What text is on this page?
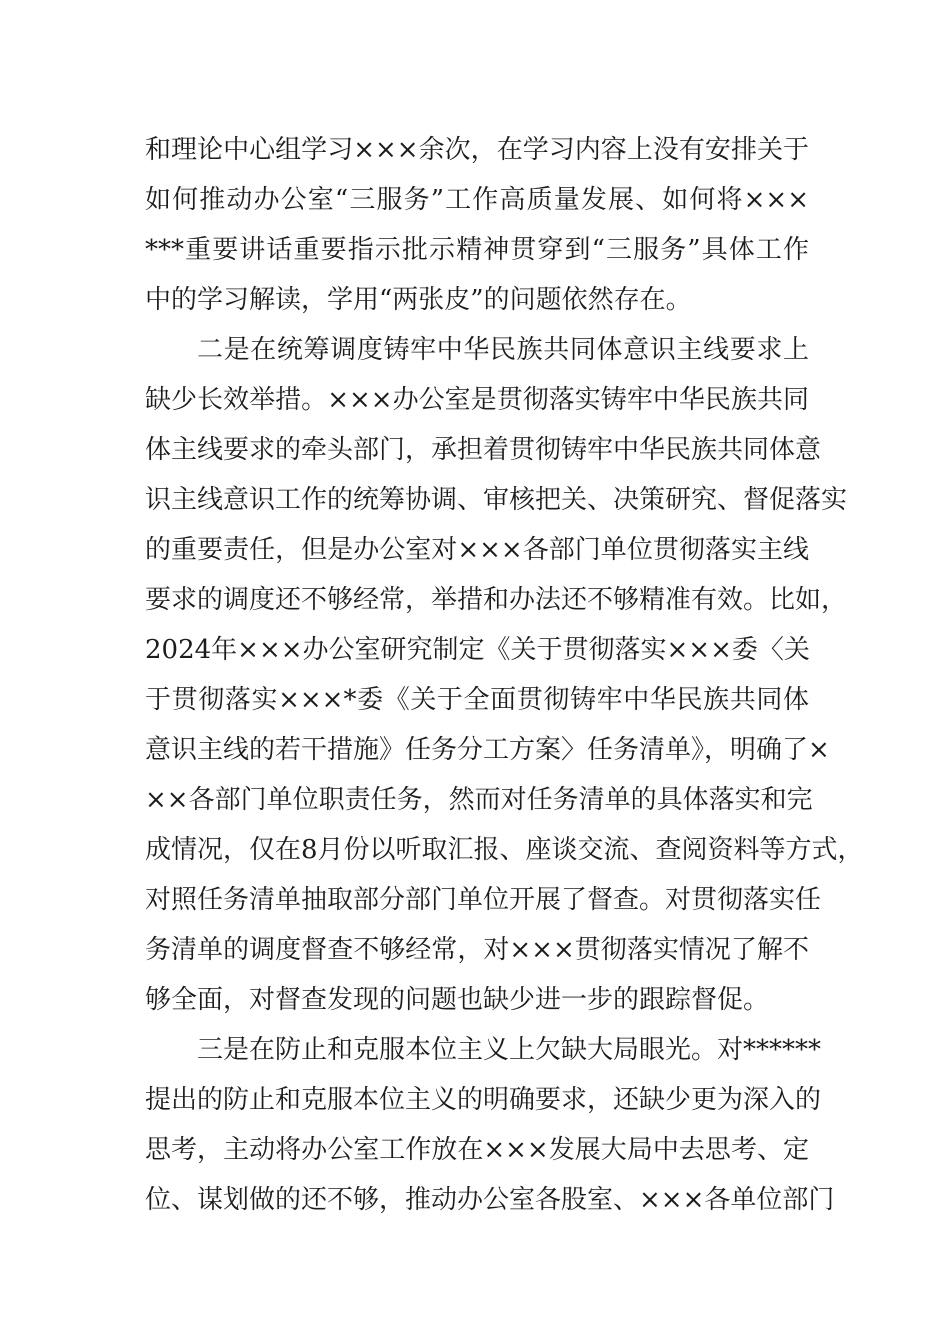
和理论中心组学习×××余次，在学习内容上没有安排关于
如何推动办公室“三服务”工作高质量发展、如何将×××
***重要讲话重要指示批示精神贯穿到“三服务”具体工作
中的学习解读，学用“两张皮”的问题依然存在。
二是在统筹调度铸牢中华民族共同体意识主线要求上
缺少长效举措。×××办公室是贯彻落实铸牢中华民族共同
体主线要求的牵头部门，承担着贯彻铸牢中华民族共同体意
识主线意识工作的统筹协调、审核把关、决策研究、督促落实
的重要责任，但是办公室对×××各部门单位贯彻落实主线
要求的调度还不够经常，举措和办法还不够精准有效。比如，
2024年×××办公室研究制定《关于贯彻落实×××委〈关
于贯彻落实×××*委《关于全面贯彻铸牢中华民族共同体
意识主线的若干措施》任务分工方案〉任务清单》，明确了×
××各部门单位职责任务，然而对任务清单的具体落实和完
成情况，仅在8月份以听取汇报、座谈交流、查阅资料等方式，
对照任务清单抽取部分部门单位开展了督查。对贯彻落实任
务清单的调度督查不够经常，对×××贯彻落实情况了解不
够全面，对督查发现的问题也缺少进一步的跟踪督促。
三是在防止和克服本位主义上欠缺大局眼光。对******
提出的防止和克服本位主义的明确要求，还缺少更为深入的
思考，主动将办公室工作放在×××发展大局中去思考、定
位、谋划做的还不够，推动办公室各股室、×××各单位部门
